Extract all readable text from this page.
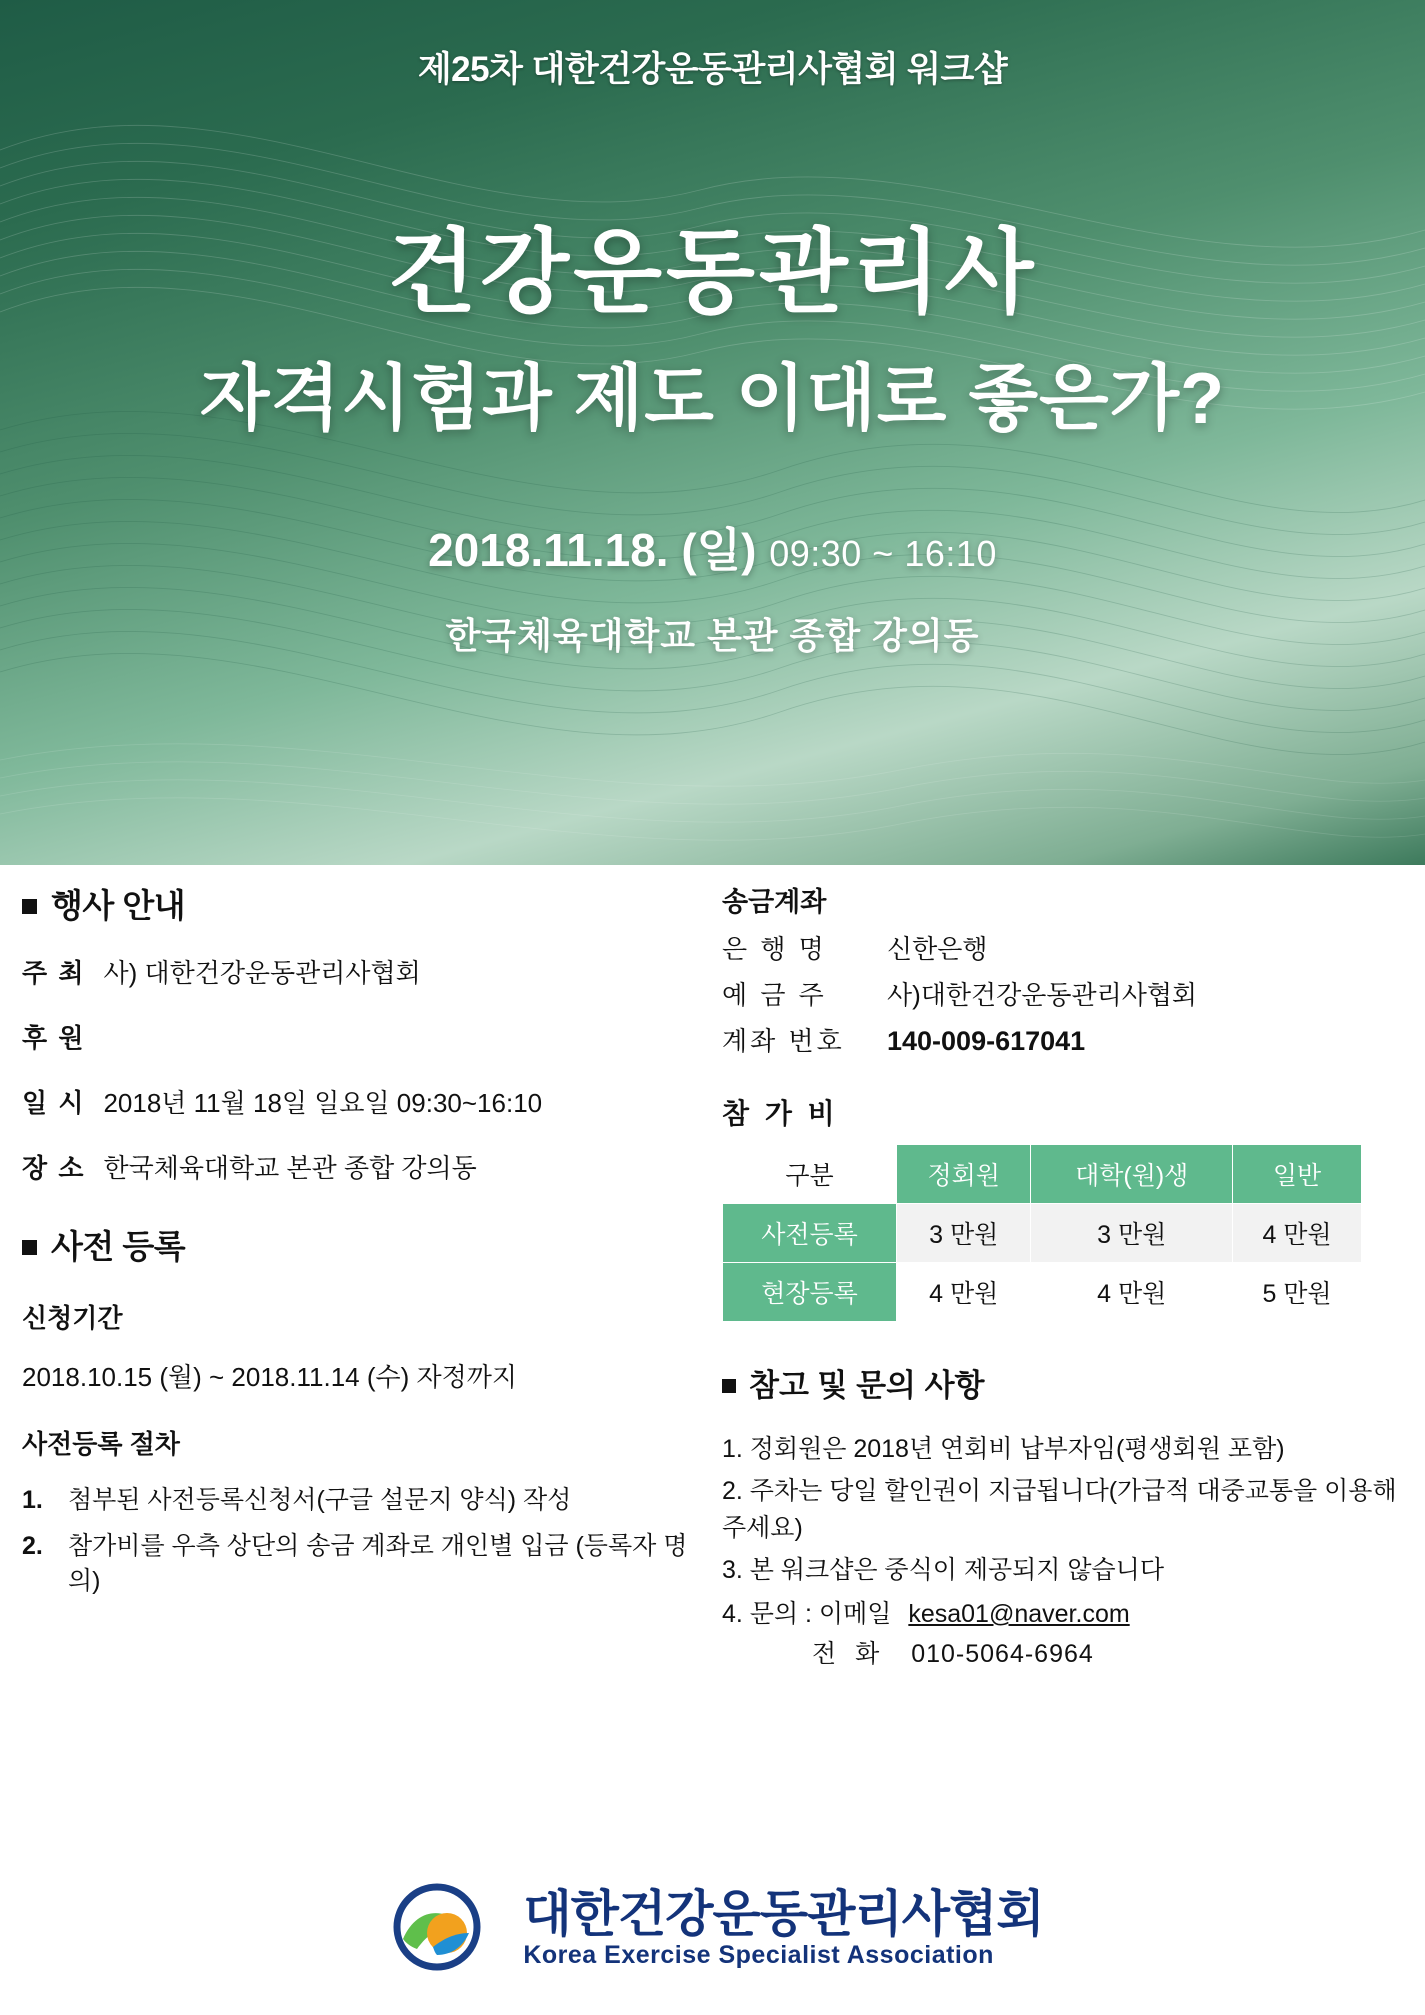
제25차 대한건강운동관리사협회 워크샵
건강운동관리사
자격시험과 제도 이대로 좋은가?
2018.11.18. (일) 09:30 ~ 16:10
한국체육대학교 본관 종합 강의동
행사 안내
주 최 사) 대한건강운동관리사협회
후 원
일 시 2018년 11월 18일 일요일 09:30~16:10
장 소 한국체육대학교 본관 종합 강의동
사전 등록
신청기간
2018.10.15 (월) ~ 2018.11.14 (수) 자정까지
사전등록 절차
1.	첨부된 사전등록신청서(구글 설문지 양식) 작성
2.	참가비를 우측 상단의 송금 계좌로 개인별 입금 (등록자 명의)
송금계좌
은 행 명	신한은행
예 금 주	사)대한건강운동관리사협회
계좌 번호	140-009-617041
참 가 비
구분	정회원	대학(원)생	일반
사전등록	3 만원	3 만원	4 만원
현장등록	4 만원	4 만원	5 만원
참고 및 문의 사항
1. 정회원은 2018년 연회비 납부자임(평생회원 포함)
2. 주차는 당일 할인권이 지급됩니다(가급적 대중교통을 이용해 주세요)
3. 본 워크샵은 중식이 제공되지 않습니다
4. 문의 : 이메일 kesa01@naver.com
전 화 010-5064-6964
대한건강운동관리사협회
Korea Exercise Specialist Association
